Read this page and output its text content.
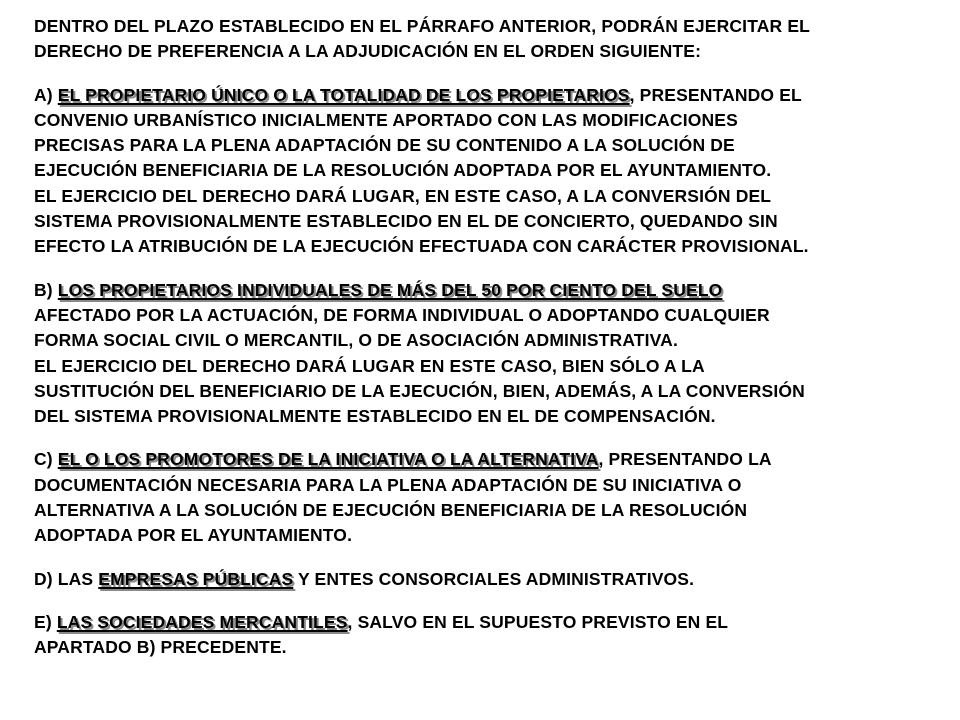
DENTRO DEL PLAZO ESTABLECIDO EN EL PÁRRAFO ANTERIOR, PODRÁN EJERCITAR EL
DERECHO DE PREFERENCIA A LA ADJUDICACIÓN EN EL ORDEN SIGUIENTE:
A) EL PROPIETARIO ÚNICO O LA TOTALIDAD DE LOS PROPIETARIOS, PRESENTANDO EL
CONVENIO URBANÍSTICO INICIALMENTE APORTADO CON LAS MODIFICACIONES
PRECISAS PARA LA PLENA ADAPTACIÓN DE SU CONTENIDO A LA SOLUCIÓN DE
EJECUCIÓN BENEFICIARIA DE LA RESOLUCIÓN ADOPTADA POR EL AYUNTAMIENTO.
EL EJERCICIO DEL DERECHO DARÁ LUGAR, EN ESTE CASO, A LA CONVERSIÓN DEL
SISTEMA PROVISIONALMENTE ESTABLECIDO EN EL DE CONCIERTO, QUEDANDO SIN
EFECTO LA ATRIBUCIÓN DE LA EJECUCIÓN EFECTUADA CON CARÁCTER PROVISIONAL.
B) LOS PROPIETARIOS INDIVIDUALES DE MÁS DEL 50 POR CIENTO DEL SUELO
AFECTADO POR LA ACTUACIÓN, DE FORMA INDIVIDUAL O ADOPTANDO CUALQUIER
FORMA SOCIAL CIVIL O MERCANTIL, O DE ASOCIACIÓN ADMINISTRATIVA.
EL EJERCICIO DEL DERECHO DARÁ LUGAR EN ESTE CASO, BIEN SÓLO A LA
SUSTITUCIÓN DEL BENEFICIARIO DE LA EJECUCIÓN, BIEN, ADEMÁS, A LA CONVERSIÓN
DEL SISTEMA PROVISIONALMENTE ESTABLECIDO EN EL DE COMPENSACIÓN.
C) EL O LOS PROMOTORES DE LA INICIATIVA O LA ALTERNATIVA, PRESENTANDO LA
DOCUMENTACIÓN NECESARIA PARA LA PLENA ADAPTACIÓN DE SU INICIATIVA O
ALTERNATIVA A LA SOLUCIÓN DE EJECUCIÓN BENEFICIARIA DE LA RESOLUCIÓN
ADOPTADA POR EL AYUNTAMIENTO.
D) LAS EMPRESAS PÚBLICAS Y ENTES CONSORCIALES ADMINISTRATIVOS.
E) LAS SOCIEDADES MERCANTILES, SALVO EN EL SUPUESTO PREVISTO EN EL
APARTADO B) PRECEDENTE.
